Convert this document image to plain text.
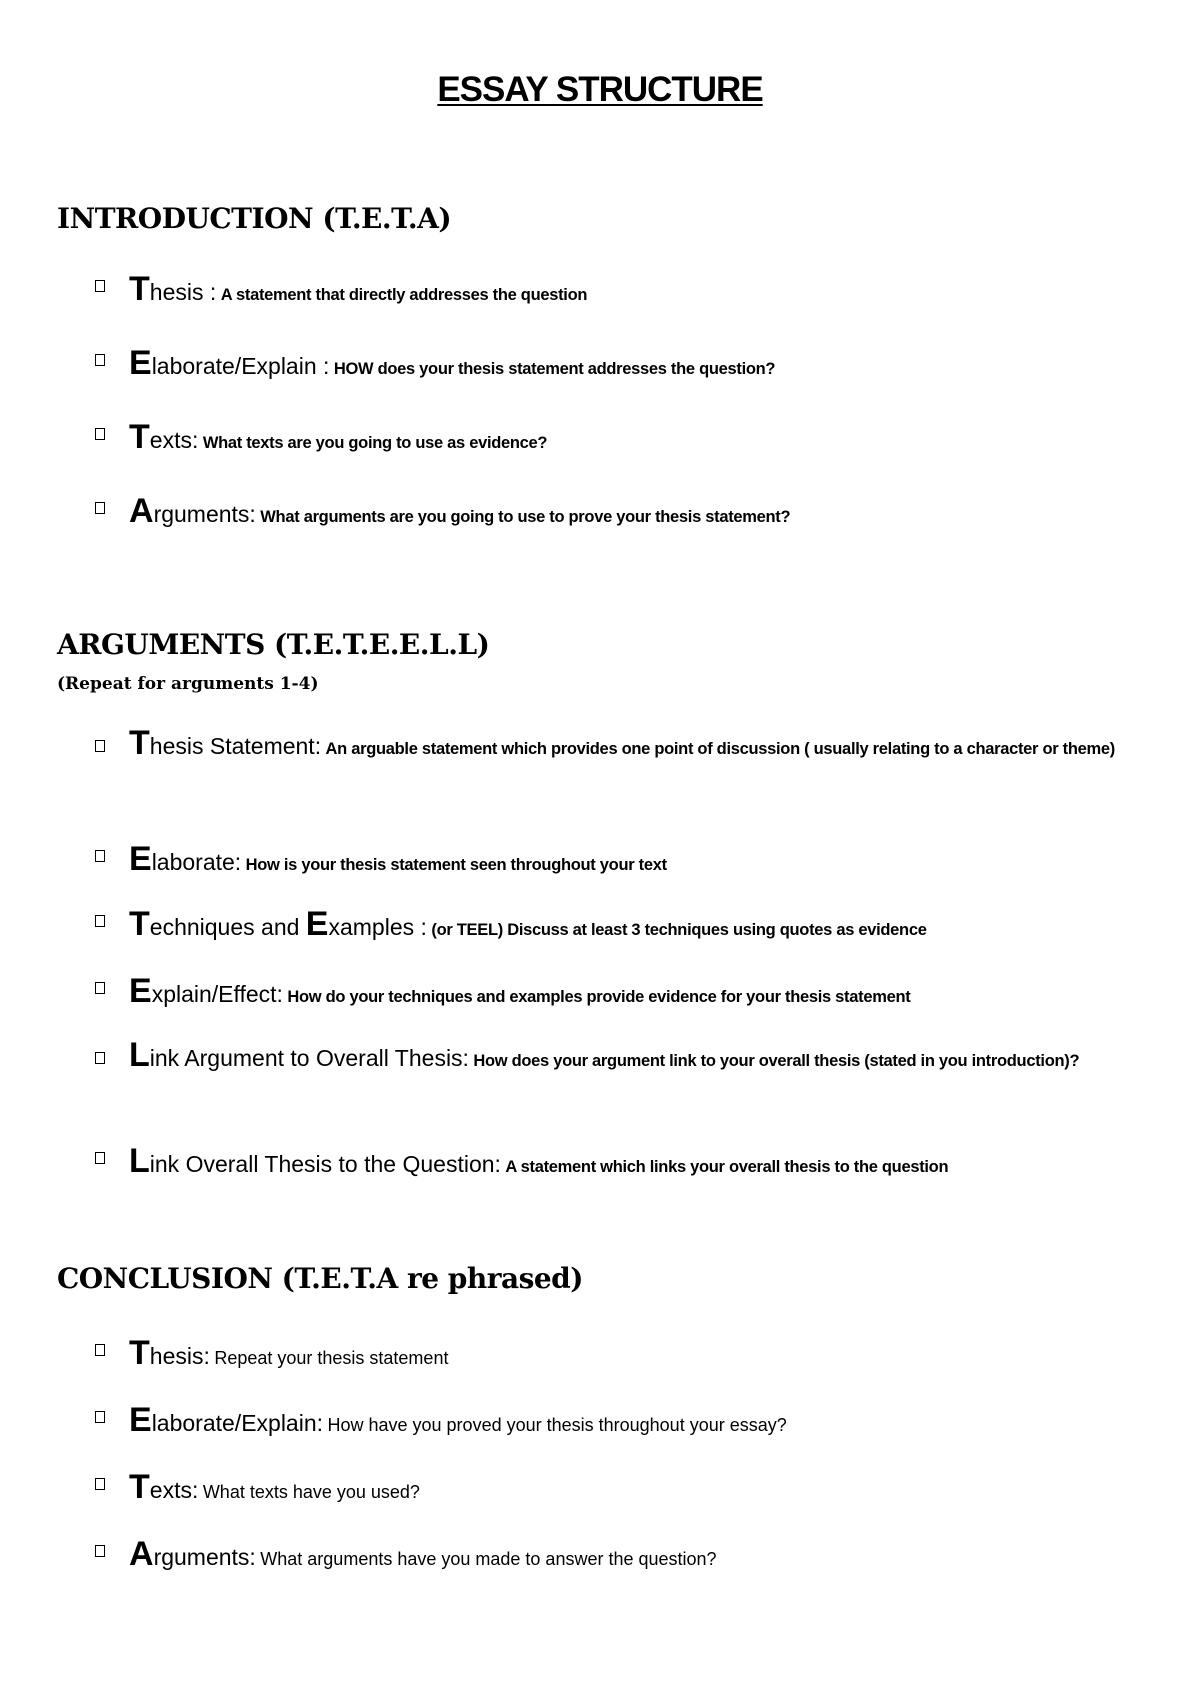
ESSAY STRUCTURE
INTRODUCTION (T.E.T.A)
Thesis : A statement that directly addresses the question
Elaborate/Explain : HOW does your thesis statement addresses the question?
Texts: What texts are you going to use as evidence?
Arguments: What arguments are you going to use to prove your thesis statement?
ARGUMENTS (T.E.T.E.E.L.L)

(Repeat for arguments 1-4)

Thesis Statement: An arguable statement which provides one point of discussion ( usually relating to a character or theme)
Elaborate: How is your thesis statement seen throughout your text
Techniques and Examples : (or TEEL) Discuss at least 3 techniques using quotes as evidence
Explain/Effect: How do your techniques and examples provide evidence for your thesis statement
Link Argument to Overall Thesis: How does your argument link to your overall thesis (stated in you introduction)?
Link Overall Thesis to the Question: A statement which links your overall thesis to the question
CONCLUSION (T.E.T.A re phrased)
Thesis: Repeat your thesis statement
Elaborate/Explain: How have you proved your thesis throughout your essay?
Texts: What texts have you used?
Arguments: What arguments have you made to answer the question?
